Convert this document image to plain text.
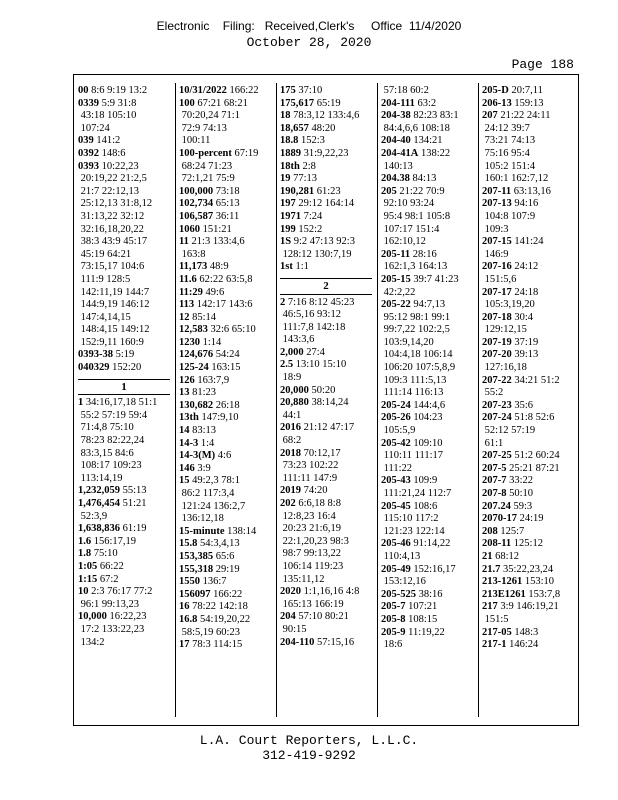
Electronic    Filing:   Received,Clerk's     Office  11/4/2020
October 28, 2020
Page 188
00 8:6 9:19 13:2
0339 5:9 31:8
43:18 105:10
107:24
039 141:2
0392 148:6
0393 10:22,23
20:19,22 21:2,5
21:7 22:12,13
25:12,13 31:8,12
31:13,22 32:12
32:16,18,20,22
38:3 43:9 45:17
45:19 64:21
73:15,17 104:6
111:9 128:5
142:11,19 144:7
144:9,19 146:12
147:4,14,15
148:4,15 149:12
152:9,11 160:9
0393-38 5:19
040329 152:20
1
1 34:16,17,18 51:1
55:2 57:19 59:4
71:4,8 75:10
78:23 82:22,24
83:3,15 84:6
108:17 109:23
113:14,19
1,232,059 55:13
1,476,454 51:21
52:3,9
1,638,836 61:19
1.6 156:17,19
1.8 75:10
1:05 66:22
1:15 67:2
10 2:3 76:17 77:2
96:1 99:13,23
10,000 16:22,23
17:2 133:22,23
134:2
10/31/2022 166:22
100 67:21 68:21
70:20,24 71:1
72:9 74:13
100:11
100-percent 67:19
68:24 71:23
72:1,21 75:9
100,000 73:18
102,734 65:13
106,587 36:11
1060 151:21
11 21:3 133:4,6
163:8
11,173 48:9
11.6 62:22 63:5,8
11:29 49:6
113 142:17 143:6
12 85:14
12,583 32:6 65:10
1230 1:14
124,676 54:24
125-24 163:15
126 163:7,9
13 81:23
130,682 26:18
13th 147:9,10
14 83:13
14-3 1:4
14-3(M) 4:6
146 3:9
15 49:2,3 78:1
86:2 117:3,4
121:24 136:2,7
136:12,18
15-minute 138:14
15.8 54:3,4,13
153,385 65:6
155,318 29:19
1550 136:7
156097 166:22
16 78:22 142:18
16.8 54:19,20,22
58:5,19 60:23
17 78:3 114:15
175 37:10
175,617 65:19
18 78:3,12 133:4,6
18,657 48:20
18.8 152:3
1889 31:9,22,23
18th 2:8
19 77:13
190,281 61:23
197 29:12 164:14
1971 7:24
199 152:2
1S 9:2 47:13 92:3
128:12 130:7,19
1st 1:1
2
2 7:16 8:12 45:23
46:5,16 93:12
111:7,8 142:18
143:3,6
2,000 27:4
2.5 13:10 15:10
18:9
20,000 50:20
20,880 38:14,24
44:1
2016 21:12 47:17
68:2
2018 70:12,17
73:23 102:22
111:11 147:9
2019 74:20
202 6:6,18 8:8
12:8,23 16:4
20:23 21:6,19
22:1,20,23 98:3
98:7 99:13,22
106:14 119:23
135:11,12
2020 1:1,16,16 4:8
165:13 166:19
204 57:10 80:21
90:15
204-110 57:15,16
57:18 60:2
204-111 63:2
204-38 82:23 83:1
84:4,6,6 108:18
204-40 134:21
204-41A 138:22
140:13
204.38 84:13
205 21:22 70:9
92:10 93:24
95:4 98:1 105:8
107:17 151:4
162:10,12
205-11 28:16
162:1,3 164:13
205-15 39:7 41:23
42:2,22
205-22 94:7,13
95:12 98:1 99:1
99:7,22 102:2,5
103:9,14,20
104:4,18 106:14
106:20 107:5,8,9
109:3 111:5,13
111:14 116:13
205-24 144:4,6
205-26 104:23
105:5,9
205-42 109:10
110:11 111:17
111:22
205-43 109:9
111:21,24 112:7
205-45 108:6
115:10 117:2
121:23 122:14
205-46 91:14,22
110:4,13
205-49 152:16,17
153:12,16
205-525 38:16
205-7 107:21
205-8 108:15
205-9 11:19,22
18:6
205-D 20:7,11
206-13 159:13
207 21:22 24:11
24:12 39:7
73:21 74:13
75:16 95:4
105:2 151:4
160:1 162:7,12
207-11 63:13,16
207-13 94:16
104:8 107:9
109:3
207-15 141:24
146:9
207-16 24:12
151:5,6
207-17 24:18
105:3,19,20
207-18 30:4
129:12,15
207-19 37:19
207-20 39:13
127:16,18
207-22 34:21 51:2
55:2
207-23 35:6
207-24 51:8 52:6
52:12 57:19
61:1
207-25 51:2 60:24
207-5 25:21 87:21
207-7 33:22
207-8 50:10
207.24 59:3
2070-17 24:19
208 125:7
208-11 125:12
21 68:12
21.7 35:22,23,24
213-1261 153:10
213E1261 153:7,8
217 3:9 146:19,21
151:5
217-05 148:3
217-1 146:24
L.A. Court Reporters, L.L.C.
312-419-9292
